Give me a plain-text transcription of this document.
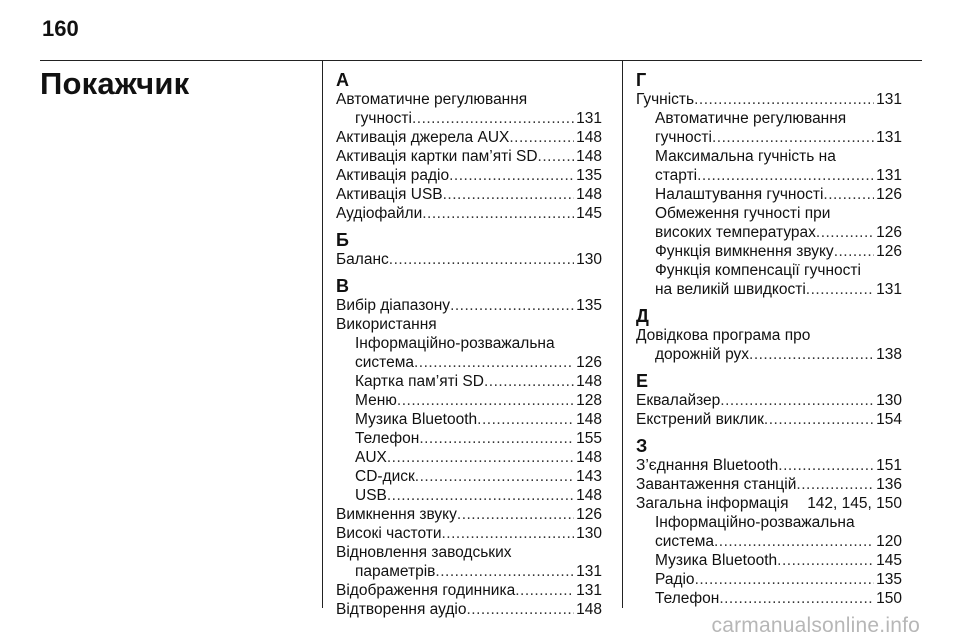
160
Покажчик	А
Автоматичне регулювання
гучності .....	131
Активація джерела AUX .....	148
Активація картки пам’яті SD ..... 148
Активація радіо .....	135
Активація USB .....	148
Аудіофайли .....	145
Б
Баланс .....	130
В
Вибір діапазону .....	135
Використання
Інформаційно-розважальна
система .....	126
Картка пам’яті SD .....	148
Меню .....	128
Музика Bluetooth .....	148
Телефон .....	155
AUX .....	148
CD-диск .....	143
USB .....	148
Вимкнення звуку .....	126
Високі частоти .....	130
Відновлення заводських
параметрів .....	131
Відображення годинника .....	131
Відтворення аудіо .....	148
Г
Гучність .....	131
Автоматичне регулювання
гучності .....	131
Максимальна гучність на
старті .....	131
Налаштування гучності .....	126
Обмеження гучності при
високих температурах .....	126
Функція вимкнення звуку .....	126
Функція компенсації гучності
на великій швидкості .....	131
Д
Довідкова програма про
дорожній рух .....	138
Е
Еквалайзер .....	130
Екстрений виклик .....	154
З
З’єднання Bluetooth .....	151
Завантаження станцій .....	136
Загальна інформація 142, 145, 150
Інформаційно-розважальна
система .....	120
Музика Bluetooth .....	145
Радіо .....	135
Телефон .....	150
carmanualsonline.info
